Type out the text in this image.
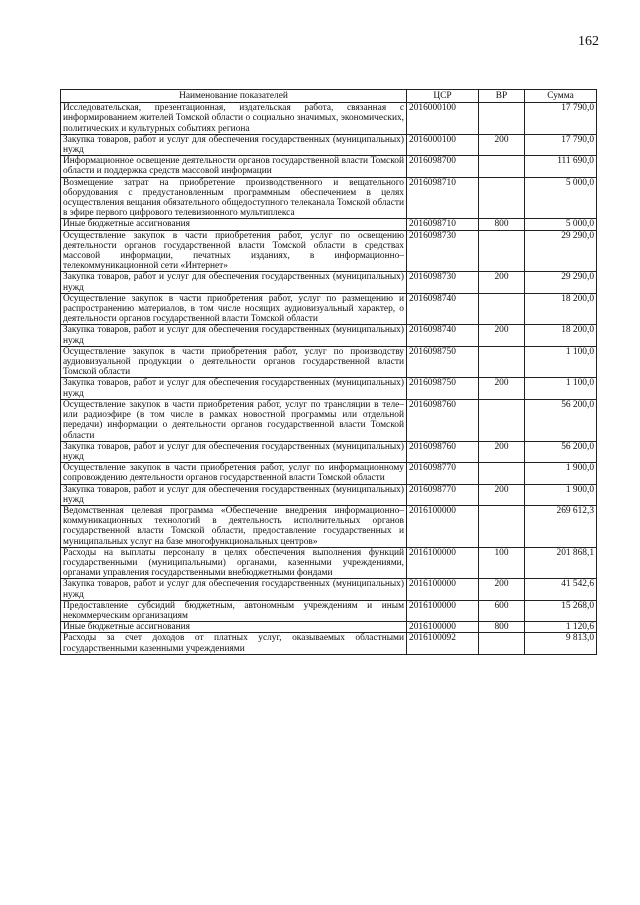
162
Наименование показателей	ЦСР	ВР	Сумма
Исследовательская, презентационная, издательская работа, связанная с информированием жителей Томской области о социально значимых, экономических, политических и культурных событиях региона	2016000100		17 790,0
Закупка товаров, работ и услуг для обеспечения государственных (муниципальных) нужд	2016000100	200	17 790,0
Информационное освещение деятельности органов государственной власти Томской области и поддержка средств массовой информации	2016098700		111 690,0
Возмещение затрат на приобретение производственного и вещательного оборудования с предустановленным программным обеспечением в целях осуществления вещания обязательного общедоступного телеканала Томской области в эфире первого цифрового телевизионного мультиплекса	2016098710		5 000,0
Иные бюджетные ассигнования	2016098710	800	5 000,0
Осуществление закупок в части приобретения работ, услуг по освещению деятельности органов государственной власти Томской области в средствах массовой информации, печатных изданиях, в информационно–телекоммуникационной сети «Интернет»	2016098730		29 290,0
Закупка товаров, работ и услуг для обеспечения государственных (муниципальных) нужд	2016098730	200	29 290,0
Осуществление закупок в части приобретения работ, услуг по размещению и распространению материалов, в том числе носящих аудиовизуальный характер, о деятельности органов государственной власти Томской области	2016098740		18 200,0
Закупка товаров, работ и услуг для обеспечения государственных (муниципальных) нужд	2016098740	200	18 200,0
Осуществление закупок в части приобретения работ, услуг по производству аудиовизуальной продукции о деятельности органов государственной власти Томской области	2016098750		1 100,0
Закупка товаров, работ и услуг для обеспечения государственных (муниципальных) нужд	2016098750	200	1 100,0
Осуществление закупок в части приобретения работ, услуг по трансляции в теле– или радиоэфире (в том числе в рамках новостной программы или отдельной передачи) информации о деятельности органов государственной власти Томской области	2016098760		56 200,0
Закупка товаров, работ и услуг для обеспечения государственных (муниципальных) нужд	2016098760	200	56 200,0
Осуществление закупок в части приобретения работ, услуг по информационному сопровождению деятельности органов государственной власти Томской области	2016098770		1 900,0
Закупка товаров, работ и услуг для обеспечения государственных (муниципальных) нужд	2016098770	200	1 900,0
Ведомственная целевая программа «Обеспечение внедрения информационно–коммуникационных технологий в деятельность исполнительных органов государственной власти Томской области, предоставление государственных и муниципальных услуг на базе многофункциональных центров»	2016100000		269 612,3
Расходы на выплаты персоналу в целях обеспечения выполнения функций государственными (муниципальными) органами, казенными учреждениями, органами управления государственными внебюджетными фондами	2016100000	100	201 868,1
Закупка товаров, работ и услуг для обеспечения государственных (муниципальных) нужд	2016100000	200	41 542,6
Предоставление субсидий бюджетным, автономным учреждениям и иным некоммерческим организациям	2016100000	600	15 268,0
Иные бюджетные ассигнования	2016100000	800	1 120,6
Расходы за счет доходов от платных услуг, оказываемых областными государственными казенными учреждениями	2016100092		9 813,0
